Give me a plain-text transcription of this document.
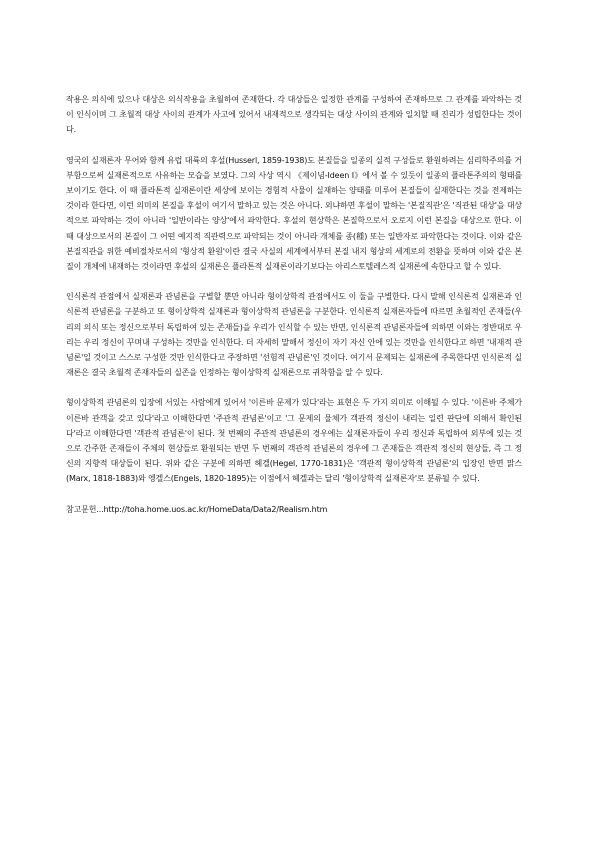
작용은 의식에 있으나 대상은 의식작용을 초월하여 존재한다. 각 대상들은 일정한 관계를 구성하여 존재하므로 그 관계를 파악하는 것이 인식이며 그 초월적 대상 사이의 관계가 사고에 있어서 내재적으로 생각되는 대상 사이의 관계와 일치할 때 진리가 성립한다는 것이다.

영국의 실재론자 무어와 함께 유럽 대륙의 후설(Husserl, 1859-1938)도 본질들을 일종의 실적 구성들로 환원하려는 심리학주의를 거부함으로써 실재론적으로 사유하는 모습을 보였다. 그의 사상 역시 《제이념-Ideen I》에서 볼 수 있듯이 일종의 플라톤주의의 형태를 보이기도 한다. 이 때 플라톤적 실재론이란 세상에 보이는 경험적 사물이 실재하는 양태를 미루어 본질들이 실재한다는 것을 전제하는 것이라 한다면, 이런 의미의 본질을 후설이 여기서 말하고 있는 것은 아니다. 외냐하면 후설이 말하는 '본질직관'은 '직관된 대상'을 대상적으로 파악하는 것이 아니라 '일반이라는 양상'에서 파악한다. 후설의 현상학은 본질학으로서 오로지 이런 본질을 대상으로 한다. 이 때 대상으로서의 본질이 그 어떤 예지적 직관력으로 파악되는 것이 아니라 개체를 종(種) 또는 일반자로 파악한다는 것이다. 이와 같은 본질직관을 위한 예비절차로서의 '형상적 환원'이란 결국 사실의 세계에서부터 본질 내지 형상의 세계로의 전환을 뜻하며 이와 같은 본질이 개체에 내재하는 것이라면 후설의 실재론은 플라톤적 실재론이라기보다는 아리스토텔레스적 실재론에 속한다고 할 수 있다.

인식론적 관점에서 실재론과 관념론을 구별할 뿐만 아니라 형이상학적 관점에서도 이 둘을 구별한다. 다시 말해 인식론적 실재론과 인식론적 관념론을 구분하고 또 형이상학적 실재론과 형이상학적 관념론을 구분한다. 인식론적 실재론자들에 따르면 초월적인 존재들(우리의 의식 또는 정신으로부터 독립하여 있는 존재들)을 우리가 인식할 수 있는 반면, 인식론적 관념론자들에 의하면 이와는 정반대로 우리는 우리 정신이 꾸며내 구성하는 것만을 인식한다. 더 자세히 말해서 정신이 자기 자신 안에 있는 것만을 인식한다고 하면 '내재적 관념론'일 것이고 스스로 구성한 것만 인식한다고 주장하면 '선험적 관념론'인 것이다. 여기서 문제되는 실재론에 주목한다면 인식론적 실재론은 결국 초월적 존재자들의 실존을 인정하는 형이상학적 실재론으로 귀착함을 알 수 있다.

형이상학적 관념론의 입장에 서있는 사람에게 있어서 '이른바 문제가 있다'라는 표현은 두 가지 의미로 이해될 수 있다. '이른바 주체가 이른바 관객을 갖고 있다'라고 이해한다면 '주관적 관념론'이고 '그 문제의 물체가 객관적 정신이 내리는 일련 판단에 의해서 확인된다'라고 이해한다면 '객관적 관념론'이 된다. 첫 번째의 주관적 관념론의 경우에는 실재론자들이 우리 정신과 독립하여 외부에 있는 것으로 간주한 존재들이 주체의 현상들로 환원되는 반면 두 번째의 객관적 관념론의 경우에 그 존재들은 객관적 정신의 현상들, 즉 그 정신의 지향적 대상들이 된다. 위와 같은 구분에 의하면 헤겔(Hegel, 1770-1831)은 '객관적 형이상학적 관념론'의 입장인 반면 맑스(Marx, 1818-1883)와 엥겔스(Engels, 1820-1895)는 이점에서 헤겔과는 달리 '형이상학적 실재론자'로 분류될 수 있다.

참고문헌...http://toha.home.uos.ac.kr/HomeData/Data2/Realism.htm
